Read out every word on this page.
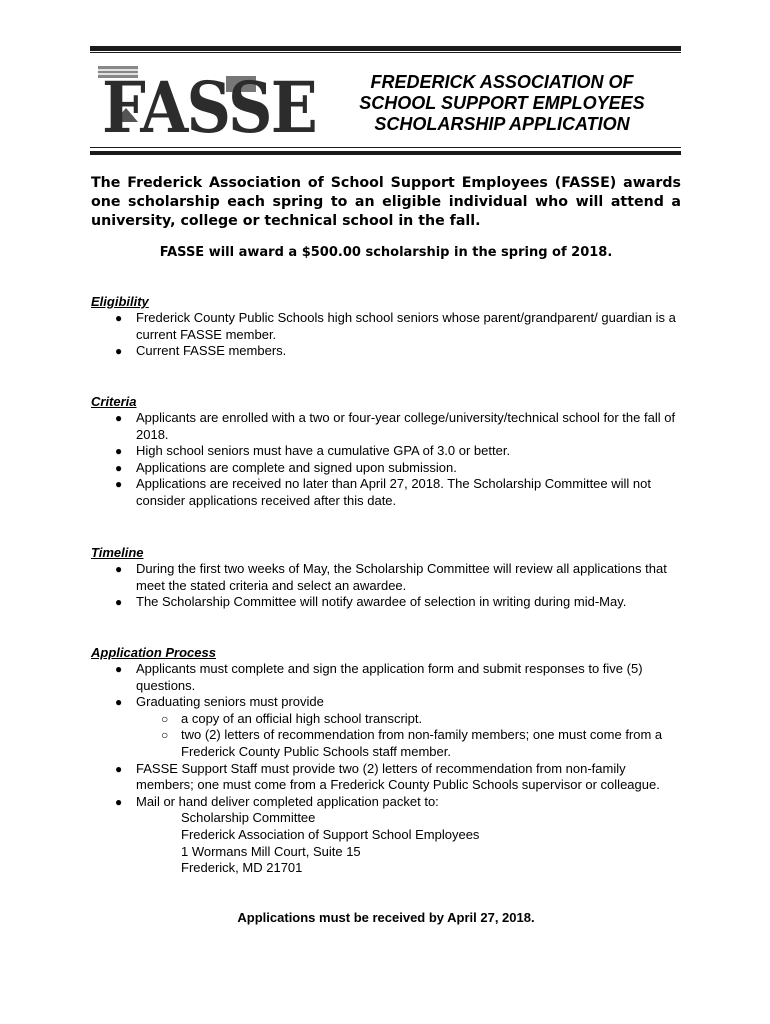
FASSE	FREDERICK ASSOCIATION OF
SCHOOL SUPPORT EMPLOYEES
SCHOLARSHIP APPLICATION
The Frederick Association of School Support Employees (FASSE) awards one scholarship each spring to an eligible individual who will attend a university, college or technical school in the fall.
FASSE will award a $500.00 scholarship in the spring of 2018.
Eligibility
● Frederick County Public Schools high school seniors whose parent/grandparent/ guardian is a current FASSE member.
● Current FASSE members.
Criteria
● Applicants are enrolled with a two or four-year college/university/technical school for the fall of 2018.
● High school seniors must have a cumulative GPA of 3.0 or better.
● Applications are complete and signed upon submission.
● Applications are received no later than April 27, 2018. The Scholarship Committee will not consider applications received after this date.
Timeline
● During the first two weeks of May, the Scholarship Committee will review all applications that meet the stated criteria and select an awardee.
● The Scholarship Committee will notify awardee of selection in writing during mid-May.
Application Process
● Applicants must complete and sign the application form and submit responses to five (5) questions.
● Graduating seniors must provide
○ a copy of an official high school transcript.
○ two (2) letters of recommendation from non-family members; one must come from a Frederick County Public Schools staff member.
● FASSE Support Staff must provide two (2) letters of recommendation from non-family members; one must come from a Frederick County Public Schools supervisor or colleague.
● Mail or hand deliver completed application packet to:
Scholarship Committee
Frederick Association of Support School Employees
1 Wormans Mill Court, Suite 15
Frederick, MD 21701
Applications must be received by April 27, 2018.
